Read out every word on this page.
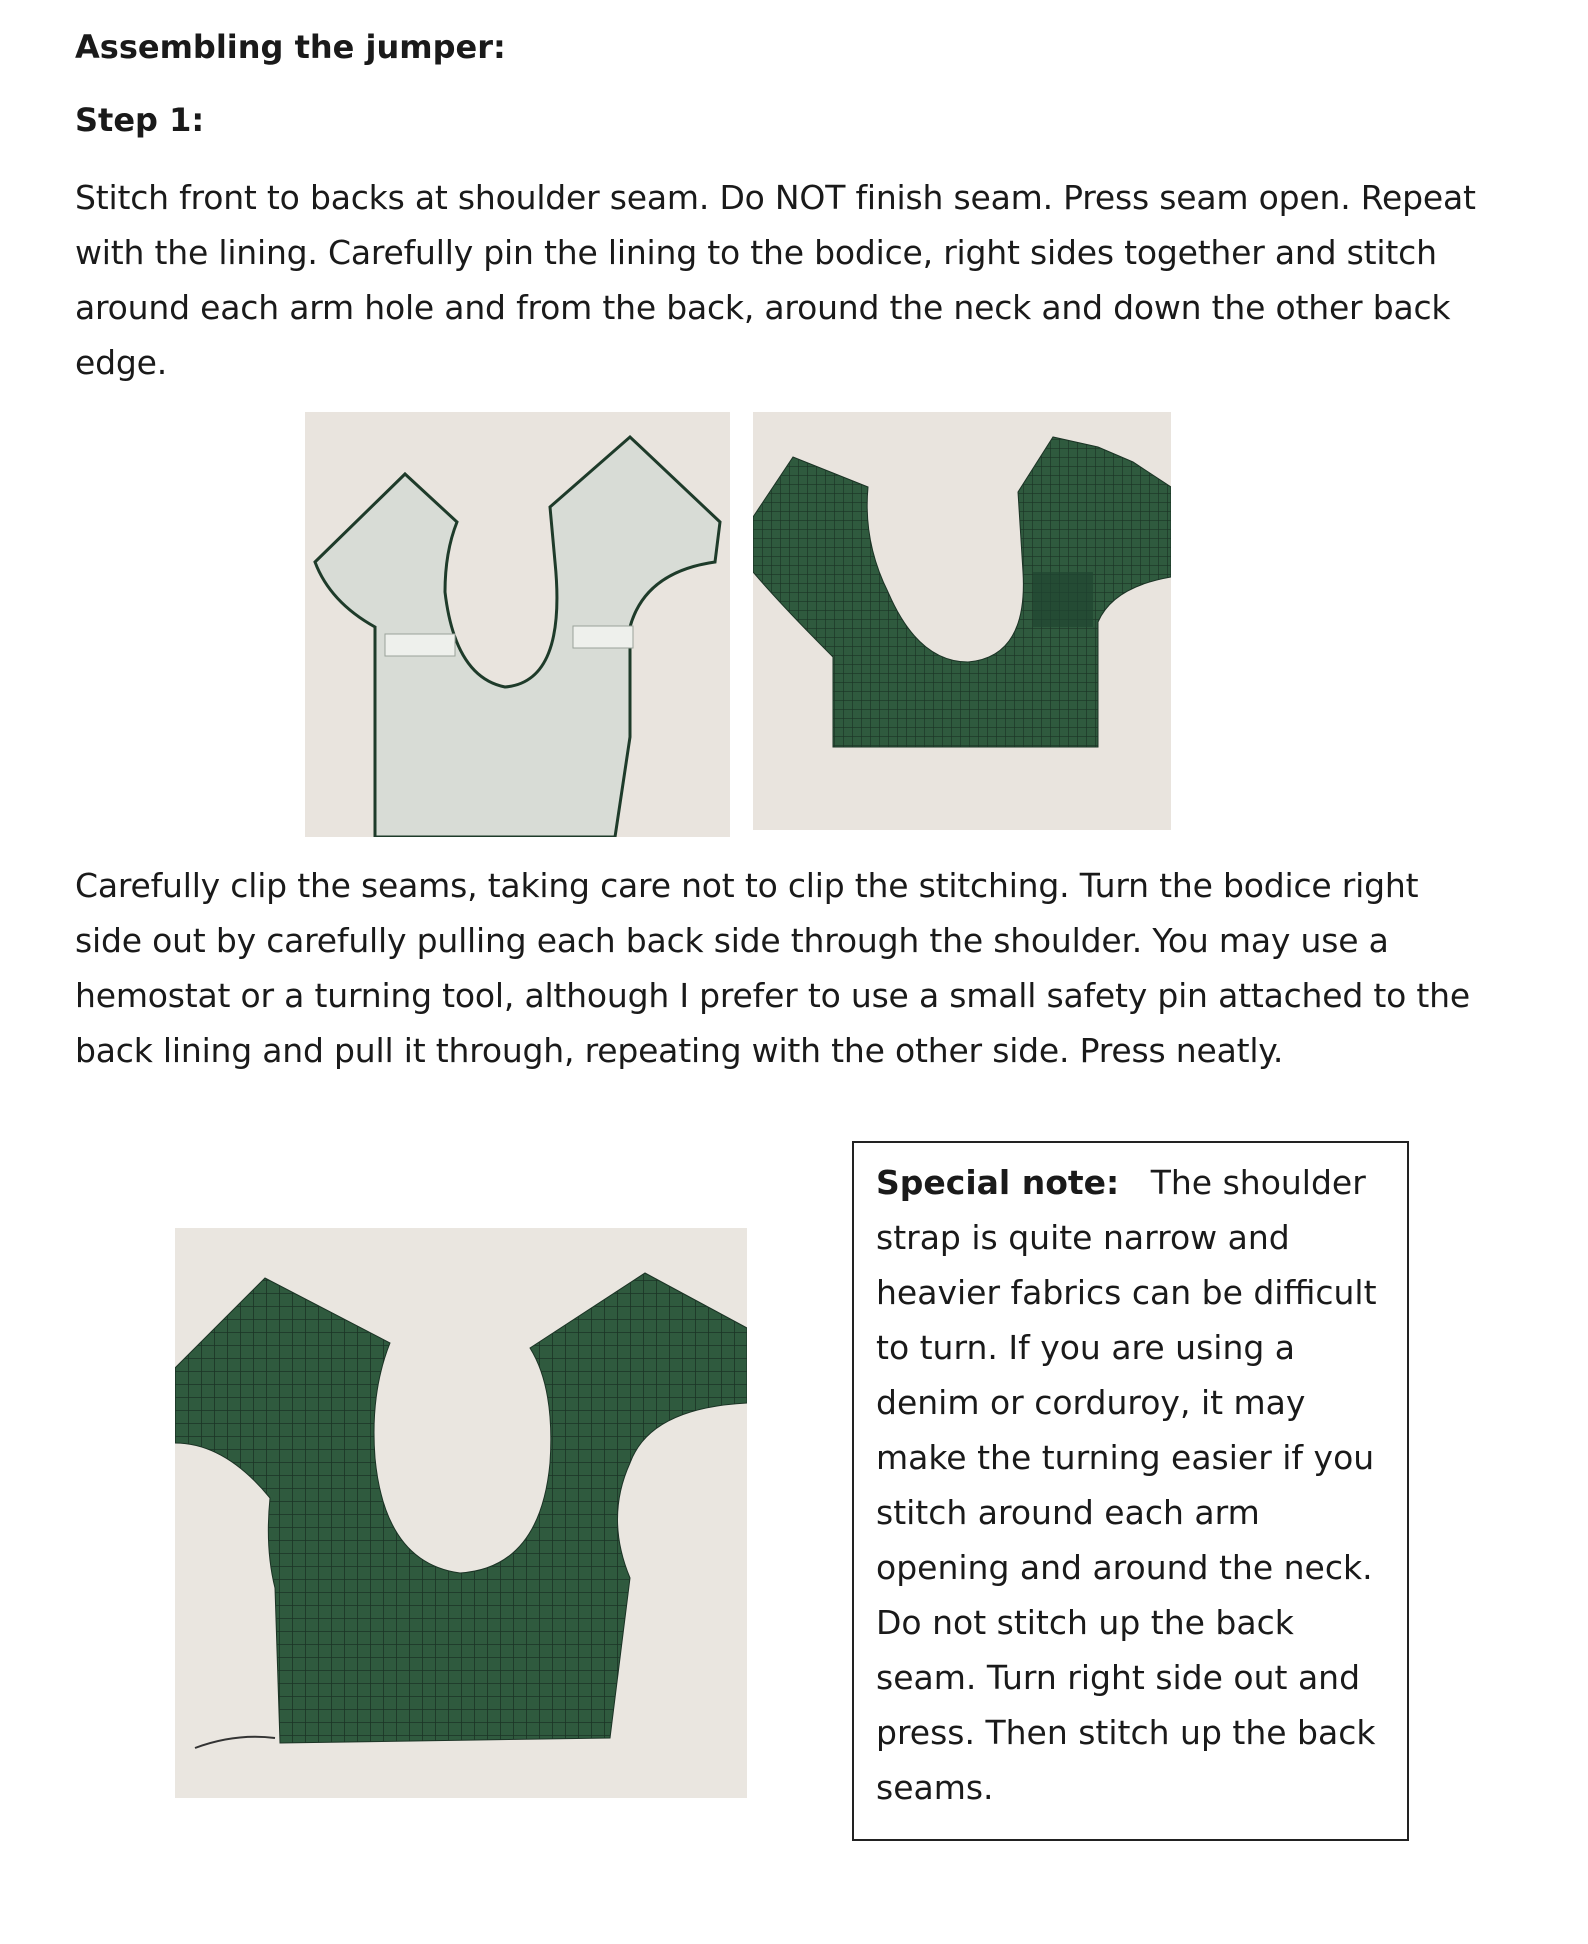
Assembling the jumper:
Step 1:

Stitch front to backs at shoulder seam. Do NOT finish seam. Press seam open. Repeat with the lining. Carefully pin the lining to the bodice, right sides together and stitch around each arm hole and from the back, around the neck and down the other back edge.

Carefully clip the seams, taking care not to clip the stitching. Turn the bodice right side out by carefully pulling each back side through the shoulder. You may use a hemostat or a turning tool, although I prefer to use a small safety pin attached to the back lining and pull it through, repeating with the other side. Press neatly.

Special note: The shoulder strap is quite narrow and heavier fabrics can be difficult to turn. If you are using a denim or corduroy, it may make the turning easier if you stitch around each arm opening and around the neck. Do not stitch up the back seam. Turn right side out and press. Then stitch up the back seams.
